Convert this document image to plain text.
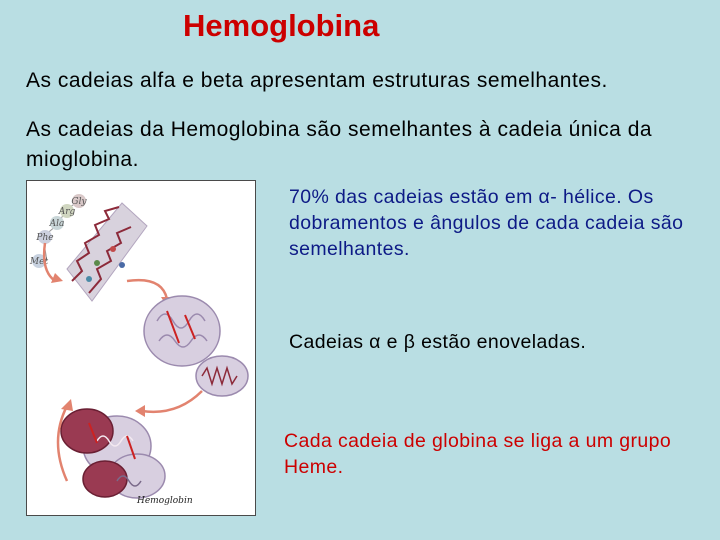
Hemoglobina
As cadeias alfa e beta apresentam estruturas semelhantes.
As cadeias da Hemoglobina são semelhantes à cadeia única da mioglobina.
Gly
Arg
Ala
Phe
Met
Hemoglobin
70% das cadeias estão em α- hélice. Os dobramentos e ângulos de cada cadeia são semelhantes.
Cadeias α e β estão enoveladas.
Cada cadeia de globina se liga a um grupo Heme.
